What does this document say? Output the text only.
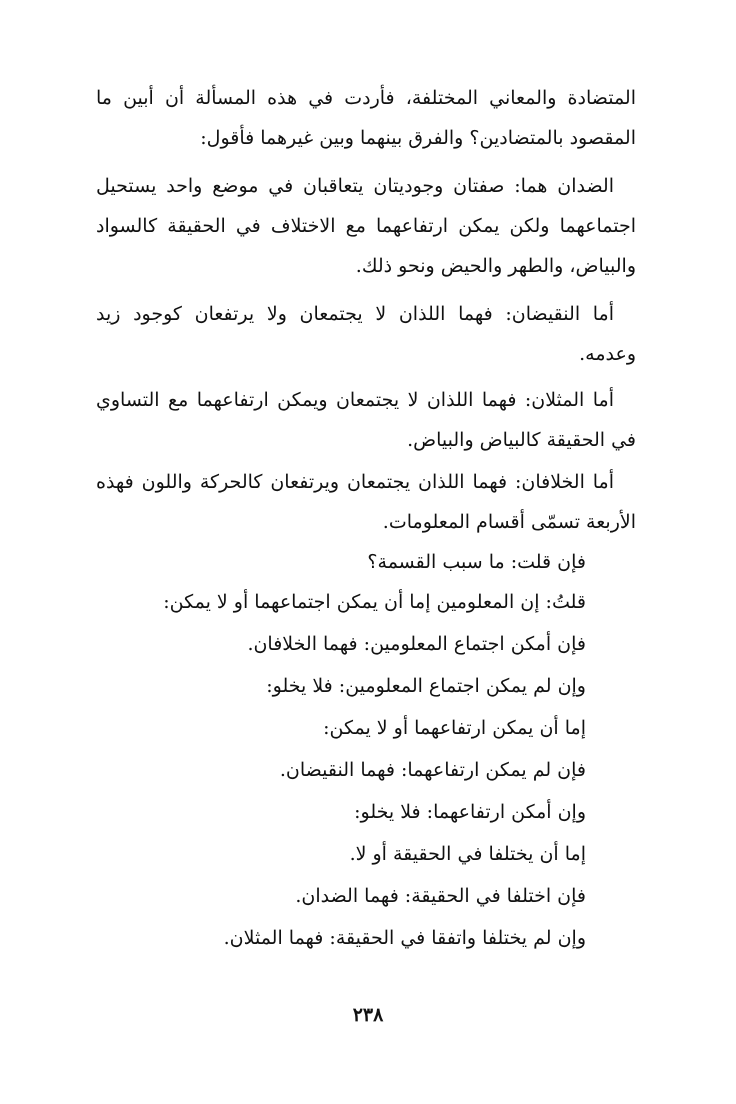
المتضادة والمعاني المختلفة، فأردت في هذه المسألة أن أبين ما المقصود بالمتضادين؟ والفرق بينهما وبين غيرهما فأقول:

الضدان هما: صفتان وجوديتان يتعاقبان في موضع واحد يستحيل اجتماعهما ولكن يمكن ارتفاعهما مع الاختلاف في الحقيقة كالسواد والبياض، والطهر والحيض ونحو ذلك.

أما النقيضان: فهما اللذان لا يجتمعان ولا يرتفعان كوجود زيد وعدمه.

أما المثلان: فهما اللذان لا يجتمعان ويمكن ارتفاعهما مع التساوي في الحقيقة كالبياض والبياض.

أما الخلافان: فهما اللذان يجتمعان ويرتفعان كالحركة واللون فهذه الأربعة تسمّى أقسام المعلومات.

فإن قلت: ما سبب القسمة؟
قلتُ: إن المعلومين إما أن يمكن اجتماعهما أو لا يمكن:
فإن أمكن اجتماع المعلومين: فهما الخلافان.
وإن لم يمكن اجتماع المعلومين: فلا يخلو:
إما أن يمكن ارتفاعهما أو لا يمكن:
فإن لم يمكن ارتفاعهما: فهما النقيضان.
وإن أمكن ارتفاعهما: فلا يخلو:
إما أن يختلفا في الحقيقة أو لا.
فإن اختلفا في الحقيقة: فهما الضدان.
وإن لم يختلفا واتفقا في الحقيقة: فهما المثلان.
٢٣٨
